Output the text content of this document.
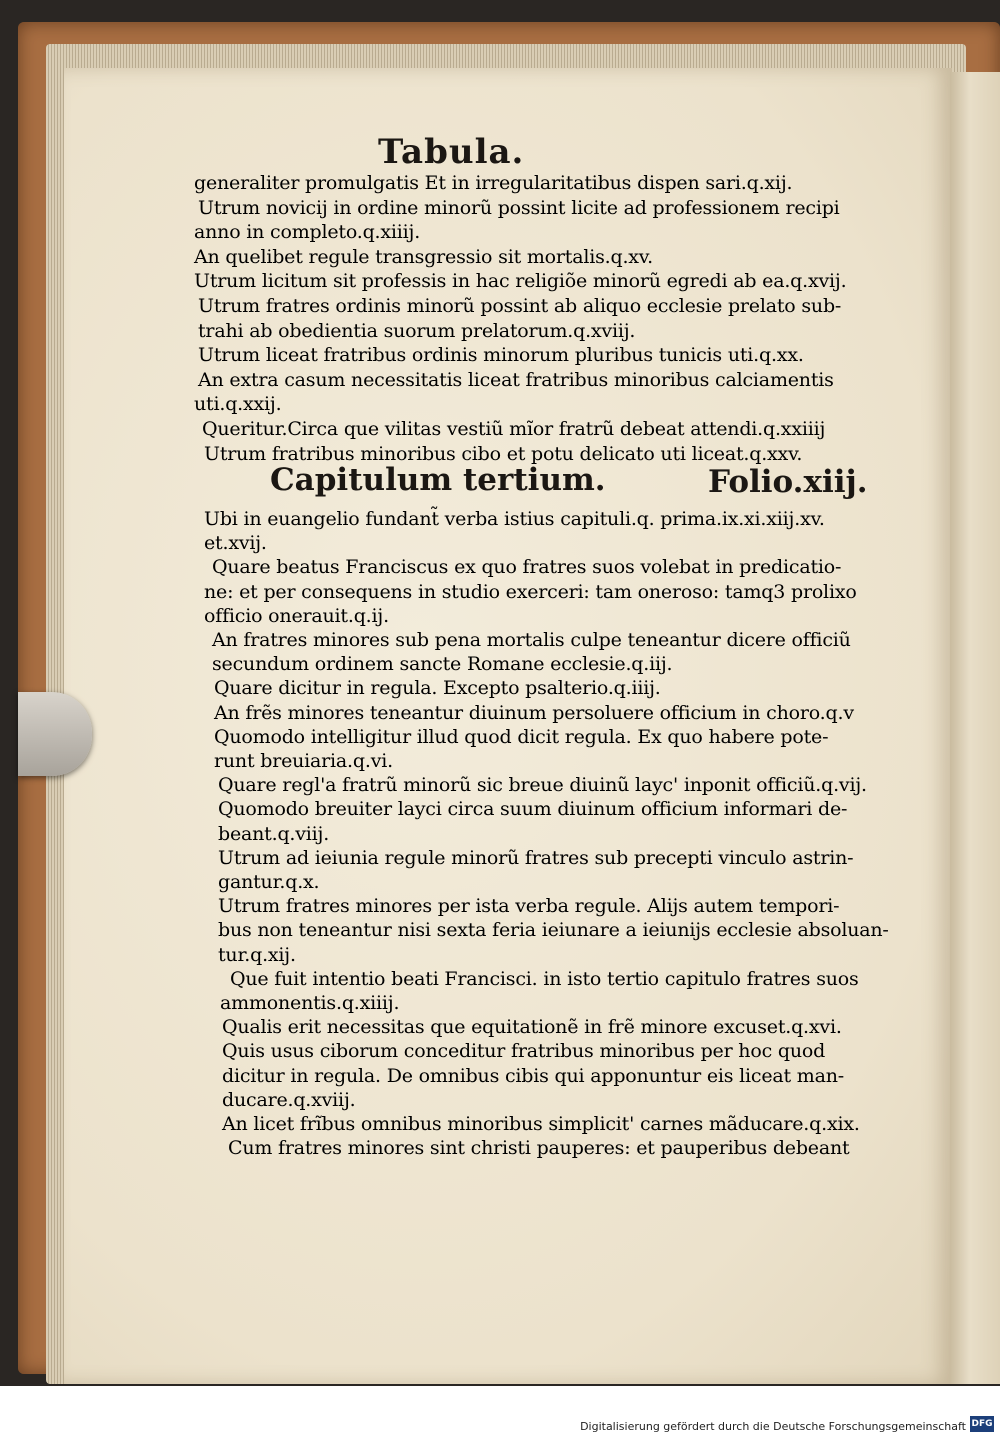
Tabula.
generaliter promulgatis Et in irregularitatibus dispen sari.q.xij.
Utrum novicij in ordine minorũ possint licite ad professionem recipi
anno in completo.q.xiiij.
An quelibet regule transgressio sit mortalis.q.xv.
Utrum licitum sit professis in hac religiõe minorũ egredi ab ea.q.xvij.
Utrum fratres ordinis minorũ possint ab aliquo ecclesie prelato sub-
trahi ab obedientia suorum prelatorum.q.xviij.
Utrum liceat fratribus ordinis minorum pluribus tunicis uti.q.xx.
An extra casum necessitatis liceat fratribus minoribus calciamentis
uti.q.xxij.
Queritur.Circa que vilitas vestiũ mĩor fratrũ debeat attendi.q.xxiiij
Utrum fratribus minoribus cibo et potu delicato uti liceat.q.xxv.
Capitulum tertium.	Folio.xiij.
Ubi in euangelio fundant̃ verba istius capituli.q. prima.ix.xi.xiij.xv.
et.xvij.
Quare beatus Franciscus ex quo fratres suos volebat in predicatio-
ne: et per consequens in studio exerceri: tam oneroso: tamq3 prolixo
officio onerauit.q.ij.
An fratres minores sub pena mortalis culpe teneantur dicere officiũ
secundum ordinem sancte Romane ecclesie.q.iij.
Quare dicitur in regula. Excepto psalterio.q.iiij.
An frẽs minores teneantur diuinum persoluere officium in choro.q.v
Quomodo intelligitur illud quod dicit regula. Ex quo habere pote-
runt breuiaria.q.vi.
Quare regl'a fratrũ minorũ sic breue diuinũ layc' inponit officiũ.q.vij.
Quomodo breuiter layci circa suum diuinum officium informari de-
beant.q.viij.
Utrum ad ieiunia regule minorũ fratres sub precepti vinculo astrin-
gantur.q.x.
Utrum fratres minores per ista verba regule. Alijs autem tempori-
bus non teneantur nisi sexta feria ieiunare a ieiunijs ecclesie absoluan-
tur.q.xij.
Que fuit intentio beati Francisci. in isto tertio capitulo fratres suos
ammonentis.q.xiiij.
Qualis erit necessitas que equitationẽ in frẽ minore excuset.q.xvi.
Quis usus ciborum conceditur fratribus minoribus per hoc quod
dicitur in regula. De omnibus cibis qui apponuntur eis liceat man-
ducare.q.xviij.
An licet frĩbus omnibus minoribus simplicit' carnes mãducare.q.xix.
Cum fratres minores sint christi pauperes: et pauperibus debeant
Digitalisierung gefördert durch die Deutsche Forschungsgemeinschaft DFG
